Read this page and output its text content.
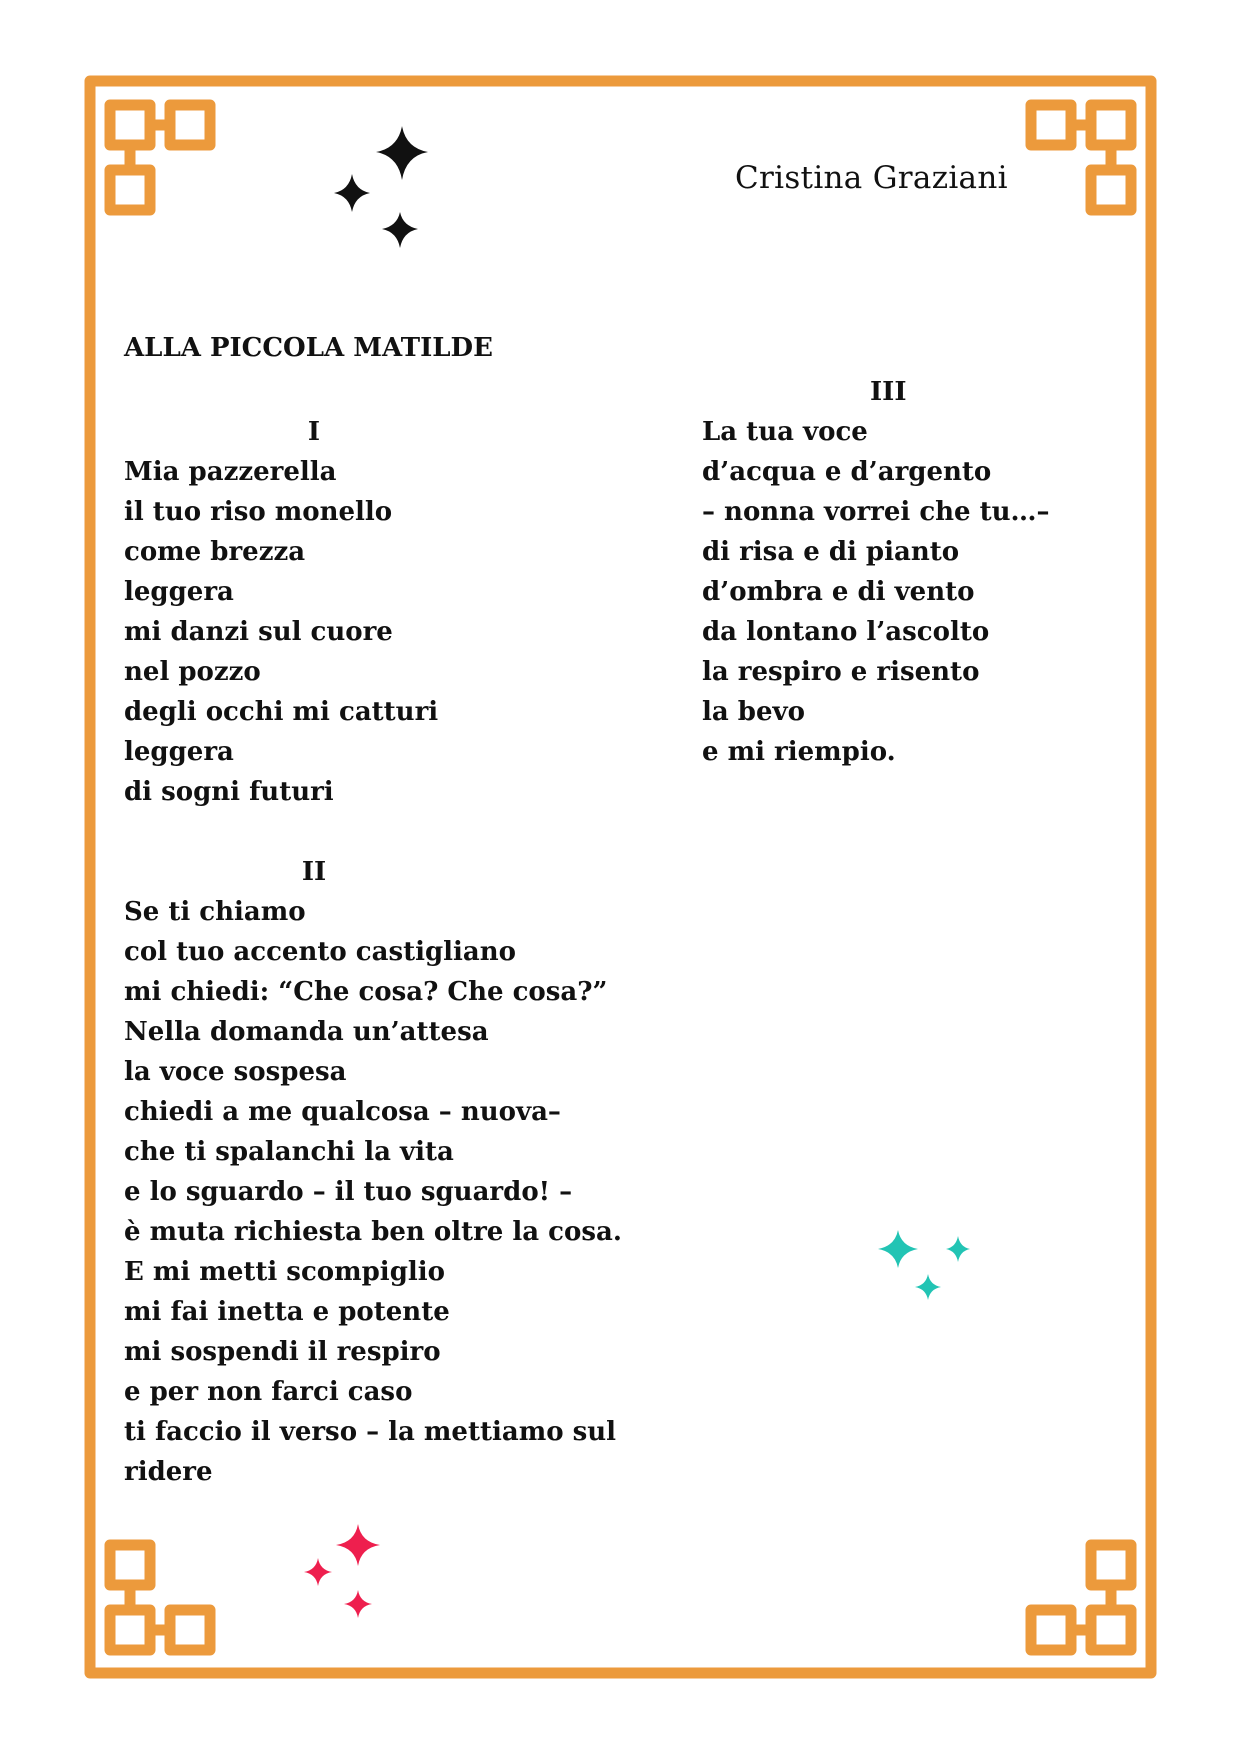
Cristina Graziani
ALLA PICCOLA MATILDE
I
Mia pazzerella
il tuo riso monello
come brezza
leggera
mi danzi sul cuore
nel pozzo
degli occhi mi catturi
leggera
di sogni futuri
II
Se ti chiamo
col tuo accento castigliano
mi chiedi: “Che cosa? Che cosa?”
Nella domanda un’attesa
la voce sospesa
chiedi a me qualcosa – nuova–
che ti spalanchi la vita
e lo sguardo – il tuo sguardo! –
è muta richiesta ben oltre la cosa.
E mi metti scompiglio
mi fai inetta e potente
mi sospendi il respiro
e per non farci caso
ti faccio il verso – la mettiamo sul
ridere
III
La tua voce
d’acqua e d’argento
– nonna vorrei che tu…–
di risa e di pianto
d’ombra e di vento
da lontano l’ascolto
la respiro e risento
la bevo
e mi riempio.
